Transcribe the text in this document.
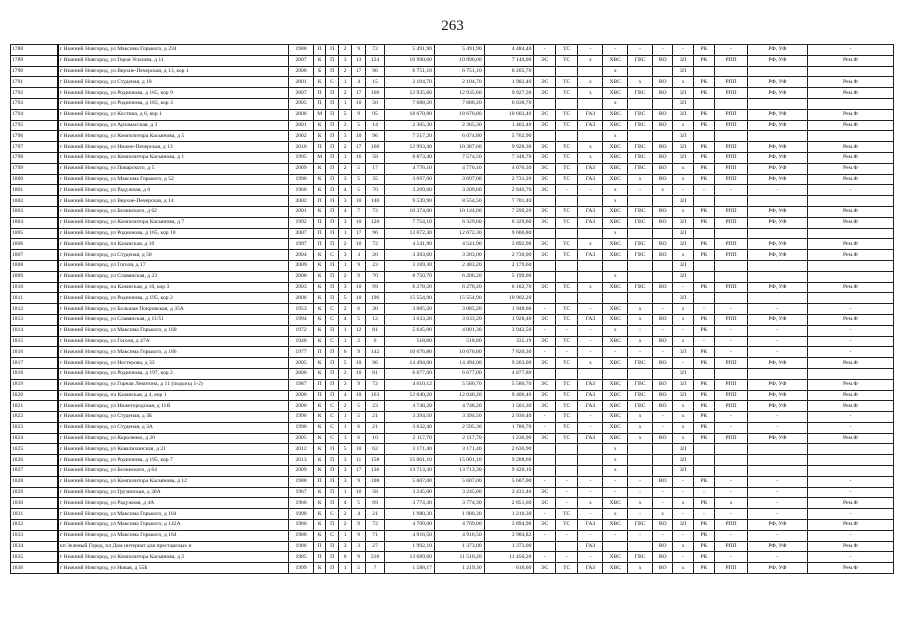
263
1788	г Нижний Новгород, ул Максима Горького, д 234	1988	П	П	2	9	72	5 491,90	5 491,90	4 484,40	-	ТС	-	-	-	-	-	РК	-	РФ, УФ	-
1789	г Нижний Новгород, ул Героя Усилова, д 11	2007	К	П	3	13	124	10 990,60	10 990,60	7 140,00	ЭС	ТС	х	ХВС	ГВС	ВО	ЗЛ	РК	РПП	РФ, УФ	Рем.Ф
1790	г Нижний Новгород, ул Верхне-Печерская, д 13, кор 1	2008	Б	П	2	17	96	6 751,10	6 751,10	6 205,70				х			ЗЛ				
1791	г Нижний Новгород, ул Студеная, д 18	2001	К	С	1	4	15	2 104,70	2 104,70	1 982,40	ЭС	ТС	х	ХВС	х	ВО	х	РК	РПП	РФ, УФ	Рем.Ф
1792	г Нижний Новгород, ул Родионова, д 165, кор 9	2007	П	П	2	17	160	12 935,60	12 935,60	9 927,30	ЭС	ТС	х	ХВС	ГВС	ВО	ЗЛ	РК	РПП	РФ, УФ	Рем.Ф
1793	г Нижний Новгород, ул Родионова, д 165, кор 3	2005	П	П	1	10	50	7 688,20	7 688,20	6 038,70				х			ЗЛ				
1794	г Нижний Новгород, ул Костина, д 6, кор 1	2006	М	П	5	9	95	18 670,80	18 670,80	10 603,40	ЭС	ТС	ГАЗ	ХВС	ГВС	ВО	ЗЛ	РК	РПП	РФ, УФ	Рем.Ф
1795	г Нижний Новгород, ул Арзамасская, д 3	2001	К	П	2	5	14	2 365,30	2 365,30	1 462,40	ЭС	ТС	ГАЗ	ХВС	ГВС	ВО	х	РК	РПП	РФ, УФ	Рем.Ф
1796	г Нижний Новгород, ул Композитора Касьянова, д 5	2002	К	П	3	10	96	7 517,20	6 074,80	5 762,90				х			ЗЛ				
1797	г Нижний Новгород, ул Нижне-Печерская, д 13	2010	П	П	2	17	160	12 993,40	10 387,60	9 928,30	ЭС	ТС	х	ХВС	ГВС	ВО	ЗЛ	РК	РПП	РФ, УФ	Рем.Ф
1798	г Нижний Новгород, ул Композитора Касьянова, д 1	1995	М	П	1	16	58	8 873,40	7 574,50	7 348,70	ЭС	ТС	х	ХВС	ГВС	ВО	ЗЛ	РК	РПП	РФ, УФ	Рем.Ф
1799	г Нижний Новгород, ул Поварского, д 5	2009	К	П	2	5	17	4 776,10	4 776,10	4 076,30	ЭС	ТС	ГАЗ	ХВС	ГВС	ВО	х	РК	РПП	РФ, УФ	Рем.Ф
1800	г Нижний Новгород, ул Максима Горького, д 52	1996	К	П	3	5	35	3 697,00	3 697,00	2 731,20	ЭС	ТС	ГАЗ	ХВС	х	ВО	х	РК	РПП	РФ, УФ	Рем.Ф
1801	г Нижний Новгород, ул Радужная, д 6	1966	К	П	4	5	70	3 209,60	3 209,60	2 846,70	ЭС	-	-	х	-	х	-	-	-	-	-
1802	г Нижний Новгород, ул Верхне-Печерская, д 14	2002	П	П	3	10	140	9 539,90	8 554,50	7 701,40				х			ЗЛ				
1803	г Нижний Новгород, ул Белинского, д 62	2001	К	П	4	7	72	10 374,00	10 144,60	7 299,20	ЭС	ТС	ГАЗ	ХВС	ГВС	ВО	х	РК	РПП	РФ, УФ	Рем.Ф
1804	г Нижний Новгород, ул Композитора Касьянова, д 7	1992	П	П	3	10	120	7 754,10	6 329,60	6 329,60	ЭС	ТС	ГАЗ	ХВС	ГВС	ВО	ЗЛ	РК	РПП	РФ, УФ	Рем.Ф
1805	г Нижний Новгород, ул Родионова, д 165, кор 10	2007	П	П	1	17	96	12 672,30	12 672,30	9 606,80				х			ЗЛ				
1806	г Нижний Новгород, пл Казанская, д 10	1997	П	П	2	10	72	4 541,90	4 541,90	3 892,90	ЭС	ТС	х	ХВС	ГВС	ВО	ЗЛ	РК	РПП	РФ, УФ	Рем.Ф
1807	г Нижний Новгород, ул Студеная, д 58	2004	К	С	3	4	20	3 203,00	3 203,00	2 730,00	ЭС	ТС	ГАЗ	ХВС	ГВС	ВО	х	РК	РПП	РФ, УФ	Рем.Ф
1808	г Нижний Новгород, ул Гоголя, д 17	2009	К	П	1	9	23	3 169,30	2 483,20	2 179,60							ЗЛ				
1809	г Нижний Новгород, ул Славянская, д 23	2008	К	П	2	9	70	8 750,70	6 206,20	5 199,00				х			ЗЛ				
1810	г Нижний Новгород, пл Казанская, д 10, кор 3	2003	К	П	3	10	99	6 278,20	6 278,20	6 182,70	ЭС	ТС	х	ХВС	ГВС	ВО	-	РК	РПП	РФ, УФ	Рем.Ф
1811	г Нижний Новгород, ул Родионова, д 195, кор 2	2006	К	П	5	10	196	15 554,90	15 554,90	10 902,20							ЗЛ				
1812	г Нижний Новгород, ул Большая Покровская, д 35А	1953	К	С	2	6	30	3 085,20	3 085,20	1 948,60	-	ТС	-	ХВС	х	-	х	-	-	-	-
1813	г Нижний Новгород, ул Славянская, д 11/51	1994	К	С	4	5	12	3 633,20	3 633,20	1 928,40	ЭС	ТС	ГАЗ	ХВС	х	ВО	х	РК	РПП	РФ, УФ	Рем.Ф
1814	г Нижний Новгород, ул Максима Горького, д 160	1972	К	П	1	12	81	5 645,00	4 001,30	3 942,50	-	-	-	х	-	-	-	РК	-	-	-
1815	г Нижний Новгород, ул Гоголя, д 47А	1948	К	С	1	2	6	518,80	518,80	335,19	ЭС	ТС	-	ХВС	х	ВО	х	-	-	-	-
1816	г Нижний Новгород, ул Максима Горького, д 186	1977	П	П	6	9	142	10 676,80	10 676,80	7 820,30	-	-	-	-	-	-	ЗЛ	РК	-	-	-
1817	г Нижний Новгород, ул Нестерова, д 33	2005	К	П	5	10	96	14 494,00	14 494,00	9 263,00	ЭС	ТС	х	ХВС	ГВС	ВО	-	РК	РПП	РФ, УФ	Рем.Ф
1818	г Нижний Новгород, ул Родионова, д 197, кор 2	2006	К	П	2	10	81	6 677,00	6 677,00	4 877,80							ЗЛ				
1819	г Нижний Новгород, ул Горная Левитона, д 11 (подъезд 1-2)	1987	П	П	3	9	72	4 610,12	5 580,70	5 580,70	ЭС	ТС	ГАЗ	ХВС	ГВС	ВО	ЗЛ	РК	РПП	РФ, УФ	Рем.Ф
1820	г Нижний Новгород, пл Казанская, д 4, кор 1	2000	П	П	4	10	163	12 040,20	12 040,20	9 406,40	ЭС	ТС	ГАЗ	ХВС	ГВС	ВО	ЗЛ	РК	РПП	РФ, УФ	Рем.Ф
1821	г Нижний Новгород, ул Нижегородская, д 11Я	2000	К	С	2	5	23	4 748,20	4 748,20	1 501,30	ЭС	ТС	ГАЗ	ХВС	ГВС	ВО	х	РК	РПП	РФ, УФ	Рем.Ф
1822	г Нижний Новгород, ул Студеная, д 3Б	1996	К	С	1	5	21	3 394,50	3 394,50	2 936,40	-	ТС	-	ХВС	х	-	х	РК	-	-	-
1823	г Нижний Новгород, ул Студеная, д 3А	1996	К	С	1	6	21	3 632,40	2 595,30	1 786,70	-	ТС	-	ХВС	х	-	х	РК	-	-	-
1824	г Нижний Новгород, ул Короленко, д 20	2005	К	С	1	6	10	2 117,70	2 117,70	1 236,90	ЭС	ТС	ГАЗ	ХВС	х	ВО	х	РК	РПП	РФ, УФ	Рем.Ф
1825	г Нижний Новгород, ул Ковалихинская, д 21	2012	К	П	5	10	62	3 171,40	3 171,40	2 636,90				х			ЗЛ				
1826	г Нижний Новгород, ул Родионова, д 195, кор 7	2013	К	П	3	11	158	15 001,10	15 001,10	9 288,60				х			ЗЛ				
1827	г Нижний Новгород, ул Белинского, д 64	2009	К	П	3	17	136	13 713,30	13 713,30	9 420,10				х			ЗЛ				
1828	г Нижний Новгород, ул Композитора Касьянова, д 12	1988	П	П	3	9	108	5 607,00	5 607,00	5 607,00	-	-	-	-	-	ВО	-	РК	-	-	-
1829	г Нижний Новгород, ул Грузинская, д 30А	1967	К	П	1	10	58	3 245,00	3 245,00	2 431,40	ЭС	-	-	-	-	-	-	-	-	-	-
1830	г Нижний Новгород, ул Радужная, д 4А	1966	К	П	4	5	69	3 774,30	3 774,30	2 851,60	ЭС	-	х	ХВС	х	-	х	РК	х	-	Рем.Ф
1831	г Нижний Новгород, ул Максима Горького, д 164	1998	К	С	2	4	21	1 980,30	1 980,30	1 210,30	-	ТС	-	х	-	х	-	-	-	-	-
1832	г Нижний Новгород, ул Максима Горького, д 142А	1986	К	П	2	9	72	4 709,00	4 709,00	3 894,90	ЭС	ТС	ГАЗ	ХВС	ГВС	ВО	ЗЛ	РК	РПП	РФ, УФ	Рем.Ф
1833	г Нижний Новгород, ул Максима Горького, д 164	1988	К	С	1	9	71	4 916,50	4 916,50	3 984,82	-	-	-	-	-	-	-	РК	-	-	-
1834	кп Зеленый Город, пл Дом интернат для престарелых и	1986	П	П	3	3	27	1 992,10	1 373,00	1 373,00			ГАЗ			ВО	х	РК	РПП	РФ, УФ	Рем.Ф
1835	г Нижний Новгород, ул Композитора Касьянова, д 2	1985	П	П	6	9	216	13 689,60	11 510,20	11 450,20	-	-	-	ХВС	ГВС	ВО	-	РК	-	-	-
1836	г Нижний Новгород, ул Новая, д 55Б	1999	К	П	1	5	7	1 588,17	1 219,30	616,60	ЭС	ТС	ГАЗ	ХВС	х	ВО	х	РК	РПП	РФ, УФ	Рем.Ф
